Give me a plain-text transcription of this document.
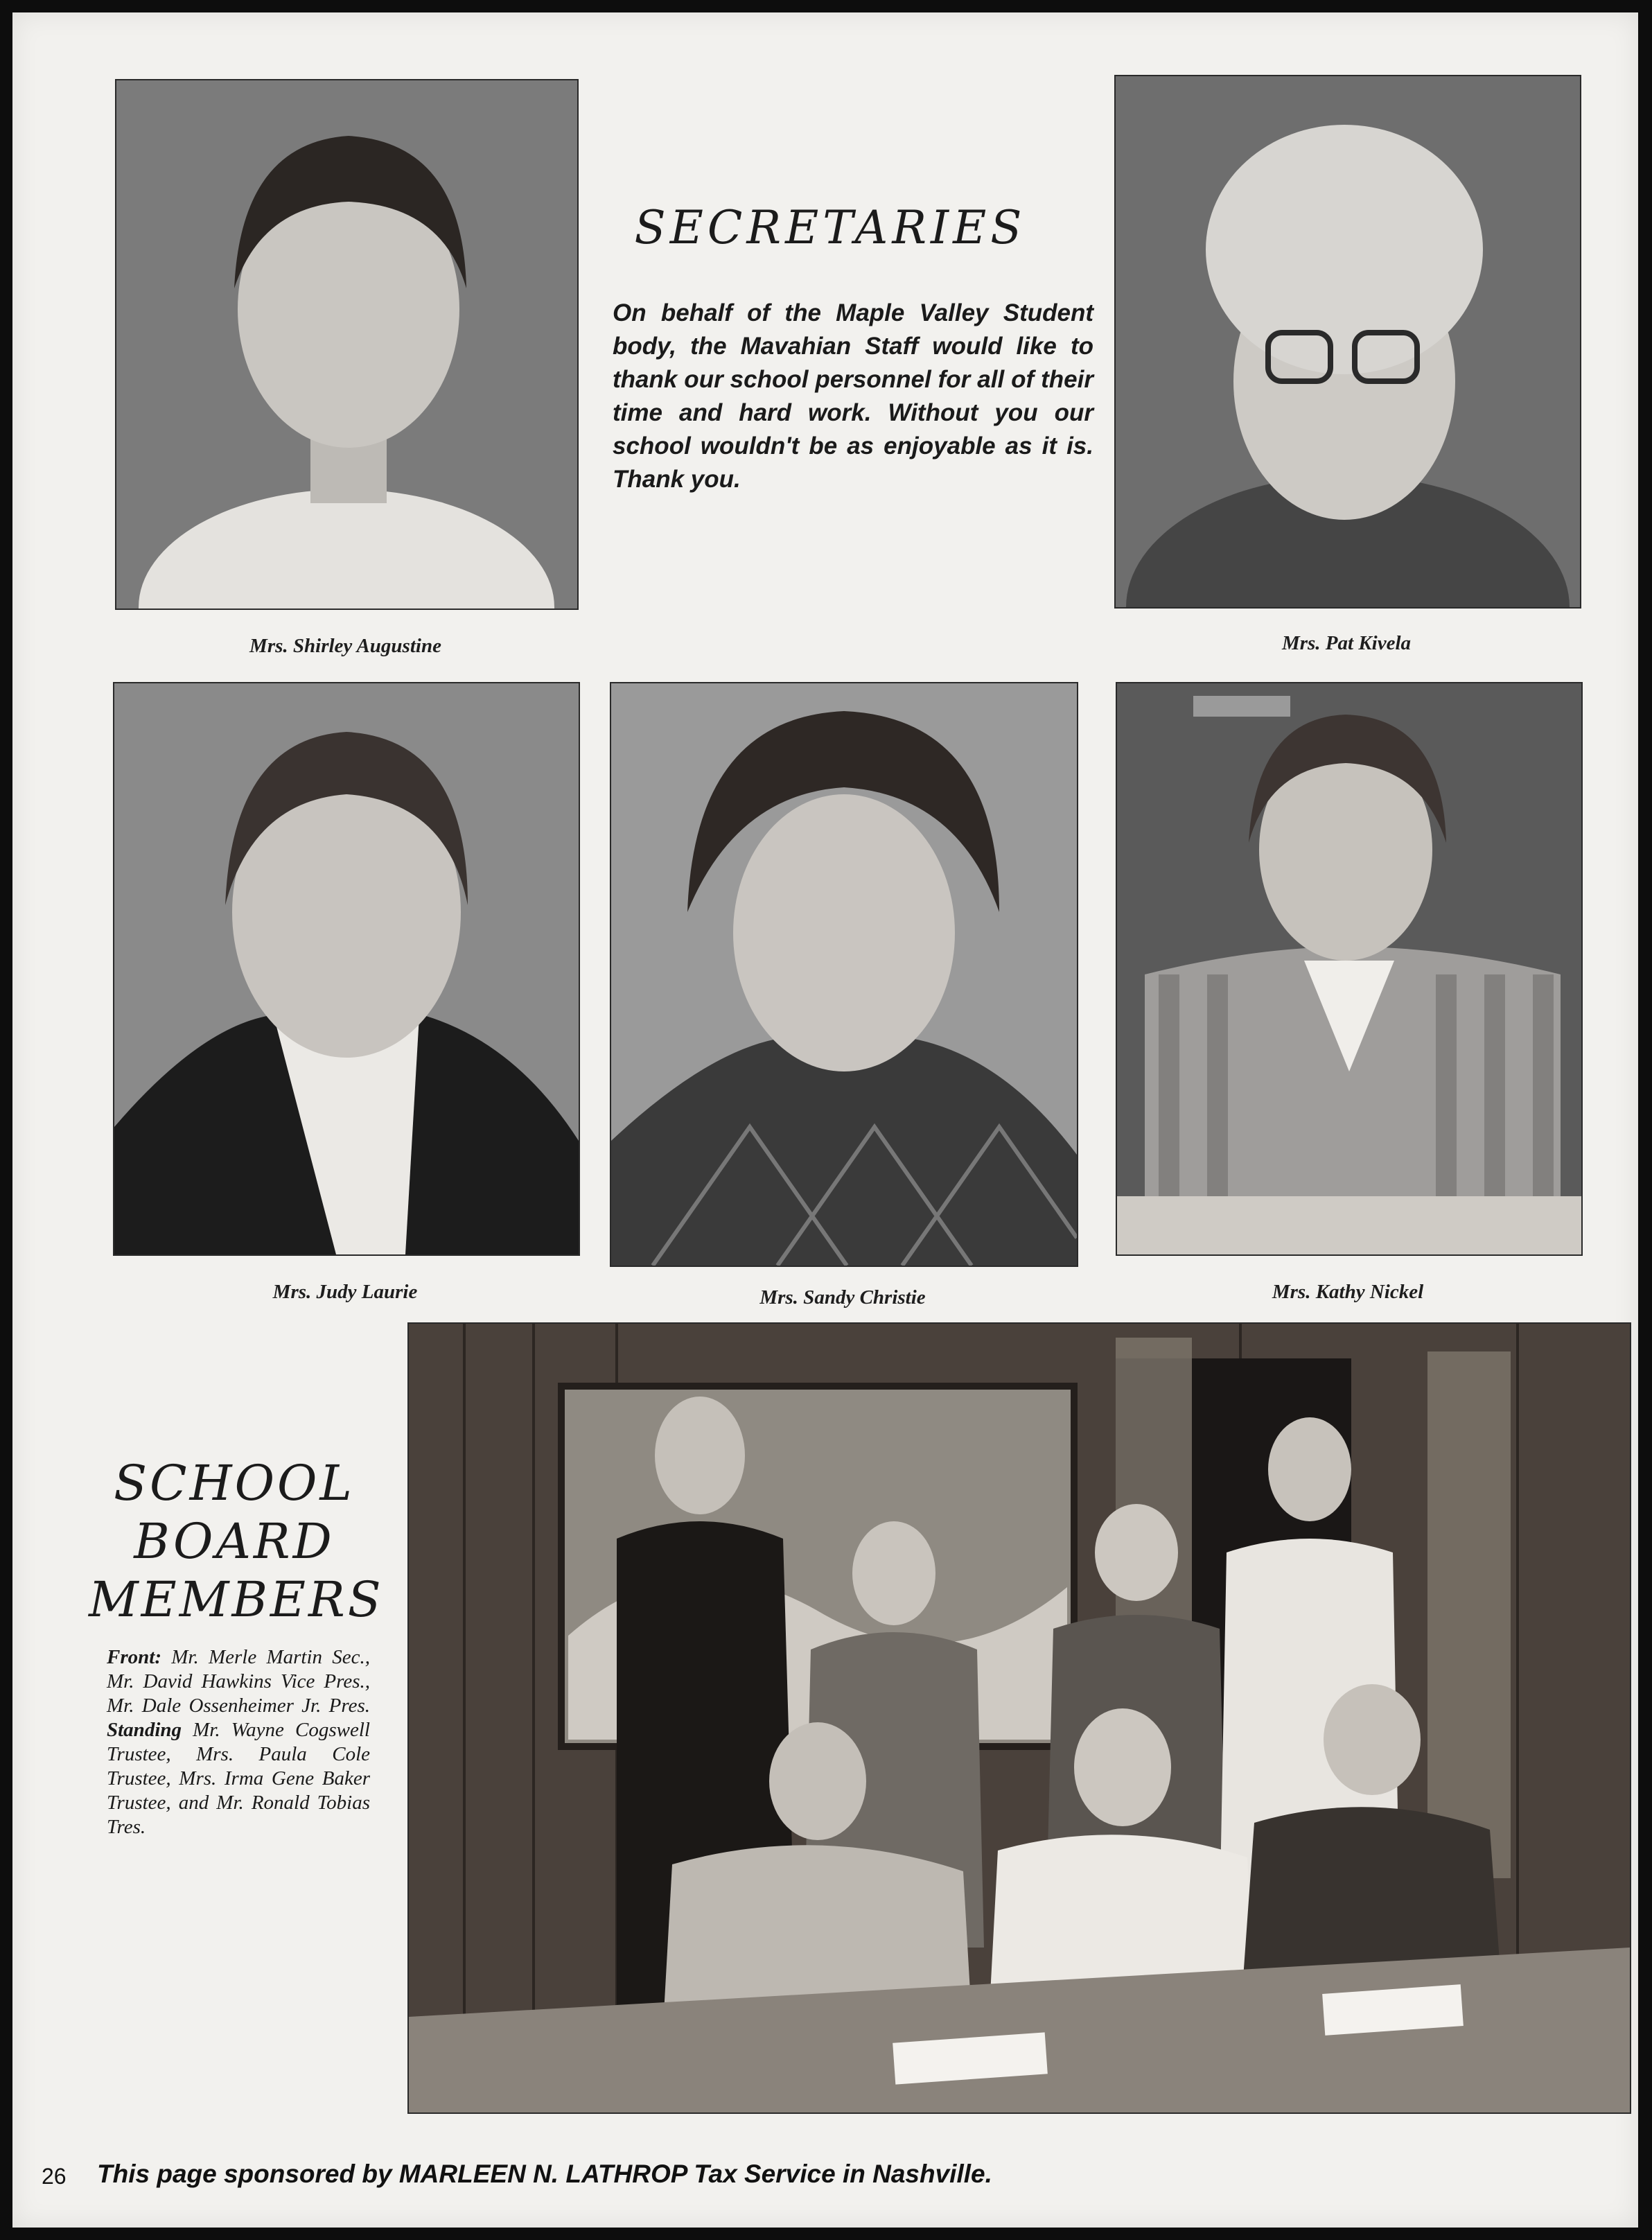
Mrs. Shirley Augustine
SECRETARIES
On behalf of the Maple Valley Student body, the Mavahian Staff would like to thank our school personnel for all of their time and hard work. Without you our school wouldn't be as enjoyable as it is. Thank you.
Mrs. Pat Kivela
Mrs. Judy Laurie	Mrs. Sandy Christie	Mrs. Kathy Nickel
SCHOOL
BOARD
MEMBERS
Front: Mr. Merle Martin Sec., Mr. David Hawkins Vice Pres., Mr. Dale Ossenheimer Jr. Pres. Standing Mr. Wayne Cogswell Trustee, Mrs. Paula Cole Trustee, Mrs. Irma Gene Baker Trustee, and Mr. Ronald Tobias Tres.
26 This page sponsored by MARLEEN N. LATHROP Tax Service in Nashville.
